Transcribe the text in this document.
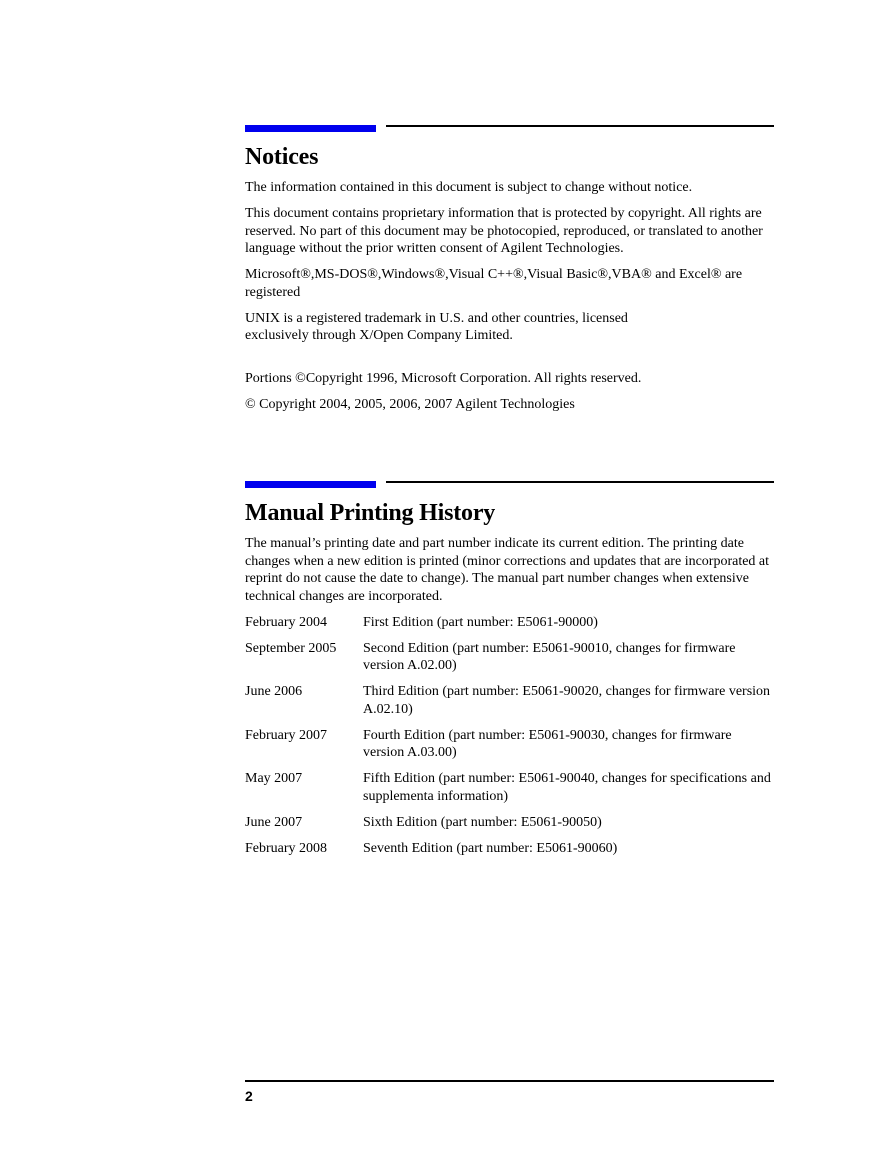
Notices

The information contained in this document is subject to change without notice.

This document contains proprietary information that is protected by copyright. All rights are reserved. No part of this document may be photocopied, reproduced, or translated to another language without the prior written consent of Agilent Technologies.

Microsoft®,MS-DOS®,Windows®,Visual C++®,Visual Basic®,VBA® and Excel® are registered

UNIX is a registered trademark in U.S. and other countries, licensed exclusively through X/Open Company Limited.

Portions ©Copyright 1996, Microsoft Corporation. All rights reserved.

© Copyright 2004, 2005, 2006, 2007 Agilent Technologies

Manual Printing History

The manual’s printing date and part number indicate its current edition. The printing date changes when a new edition is printed (minor corrections and updates that are incorporated at reprint do not cause the date to change). The manual part number changes when extensive technical changes are incorporated.

February 2004	First Edition (part number: E5061-90000)
September 2005	Second Edition (part number: E5061-90010, changes for firmware version A.02.00)
June 2006	Third Edition (part number: E5061-90020, changes for firmware version A.02.10)
February 2007	Fourth Edition (part number: E5061-90030, changes for firmware version A.03.00)
May 2007	Fifth Edition (part number: E5061-90040, changes for specifications and supplementa information)
June 2007	Sixth Edition (part number: E5061-90050)
February 2008	Seventh Edition (part number: E5061-90060)
2
